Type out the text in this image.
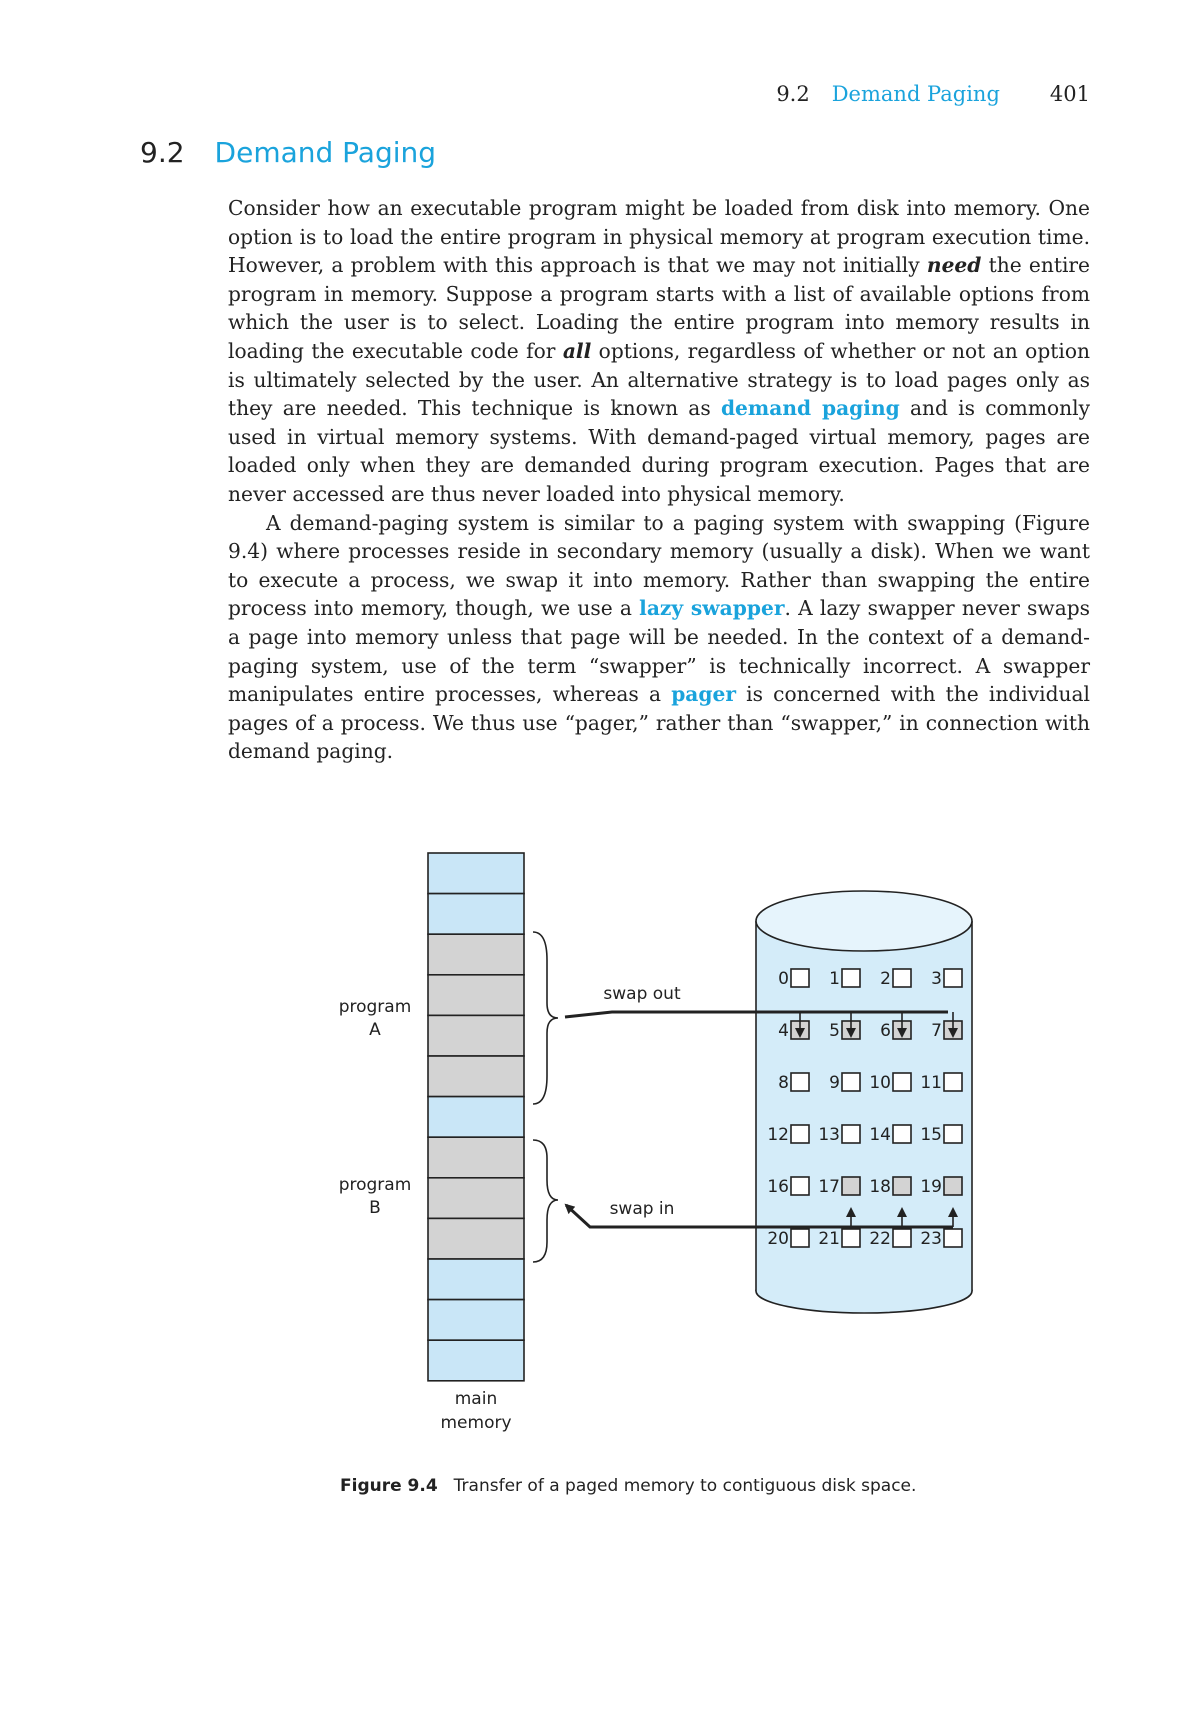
9.2 Demand Paging 401
9.2 Demand Paging

Consider how an executable program might be loaded from disk into memory. One option is to load the entire program in physical memory at program execution time. However, a problem with this approach is that we may not initially need the entire program in memory. Suppose a program starts with a list of available options from which the user is to select. Loading the entire program into memory results in loading the executable code for all options, regardless of whether or not an option is ultimately selected by the user. An alternative strategy is to load pages only as they are needed. This technique is known as demand paging and is commonly used in virtual memory systems. With demand-paged virtual memory, pages are loaded only when they are demanded during program execution. Pages that are never accessed are thus never loaded into physical memory.

A demand-paging system is similar to a paging system with swapping (Figure 9.4) where processes reside in secondary memory (usually a disk). When we want to execute a process, we swap it into memory. Rather than swapping the entire process into memory, though, we use a lazy swapper. A lazy swapper never swaps a page into memory unless that page will be needed. In the context of a demand-paging system, use of the term “swapper” is technically incorrect. A swapper manipulates entire processes, whereas a pager is concerned with the individual pages of a process. We thus use “pager,” rather than “swapper,” in connection with demand paging.

0 1 2 3
4 5 6 7
8 9 10 11
12 13 14 15
16 17 18 19
20 21 22 23
program
A
program
B
main
memory
swap out
swap in
Figure 9.4 Transfer of a paged memory to contiguous disk space.
